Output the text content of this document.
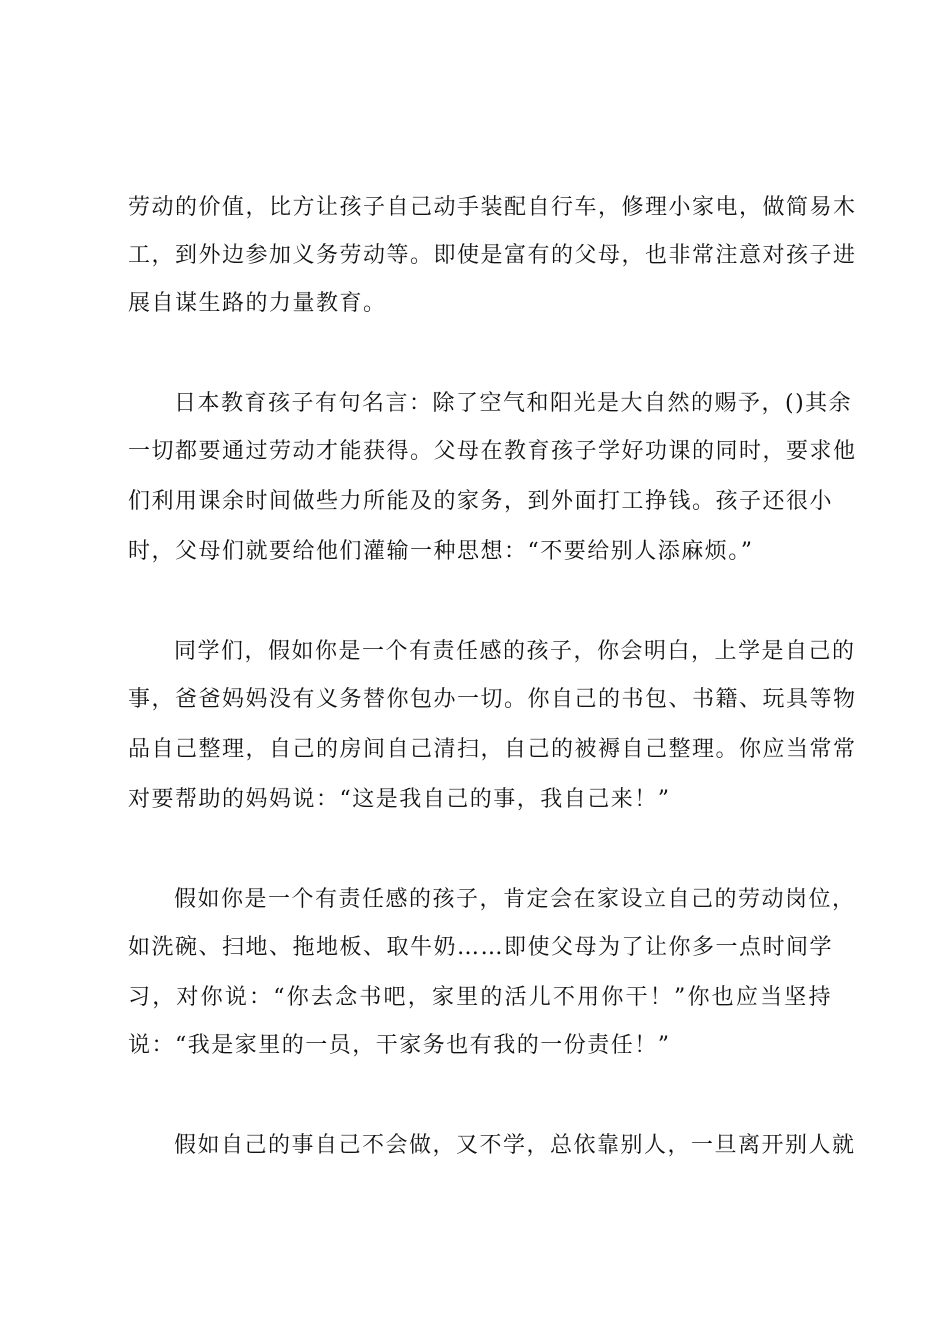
劳动的价值，比方让孩子自己动手装配自行车，修理小家电，做简易木
工，到外边参加义务劳动等。即使是富有的父母，也非常注意对孩子进
展自谋生路的力量教育。
日本教育孩子有句名言：除了空气和阳光是大自然的赐予，()其余
一切都要通过劳动才能获得。父母在教育孩子学好功课的同时，要求他
们利用课余时间做些力所能及的家务，到外面打工挣钱。孩子还很小
时，父母们就要给他们灌输一种思想：“不要给别人添麻烦。”
同学们，假如你是一个有责任感的孩子，你会明白，上学是自己的
事，爸爸妈妈没有义务替你包办一切。你自己的书包、书籍、玩具等物
品自己整理，自己的房间自己清扫，自己的被褥自己整理。你应当常常
对要帮助的妈妈说：“这是我自己的事，我自己来！”
假如你是一个有责任感的孩子，肯定会在家设立自己的劳动岗位，
如洗碗、扫地、拖地板、取牛奶……即使父母为了让你多一点时间学
习，对你说：“你去念书吧，家里的活儿不用你干！”你也应当坚持
说：“我是家里的一员，干家务也有我的一份责任！”
假如自己的事自己不会做，又不学，总依靠别人，一旦离开别人就
